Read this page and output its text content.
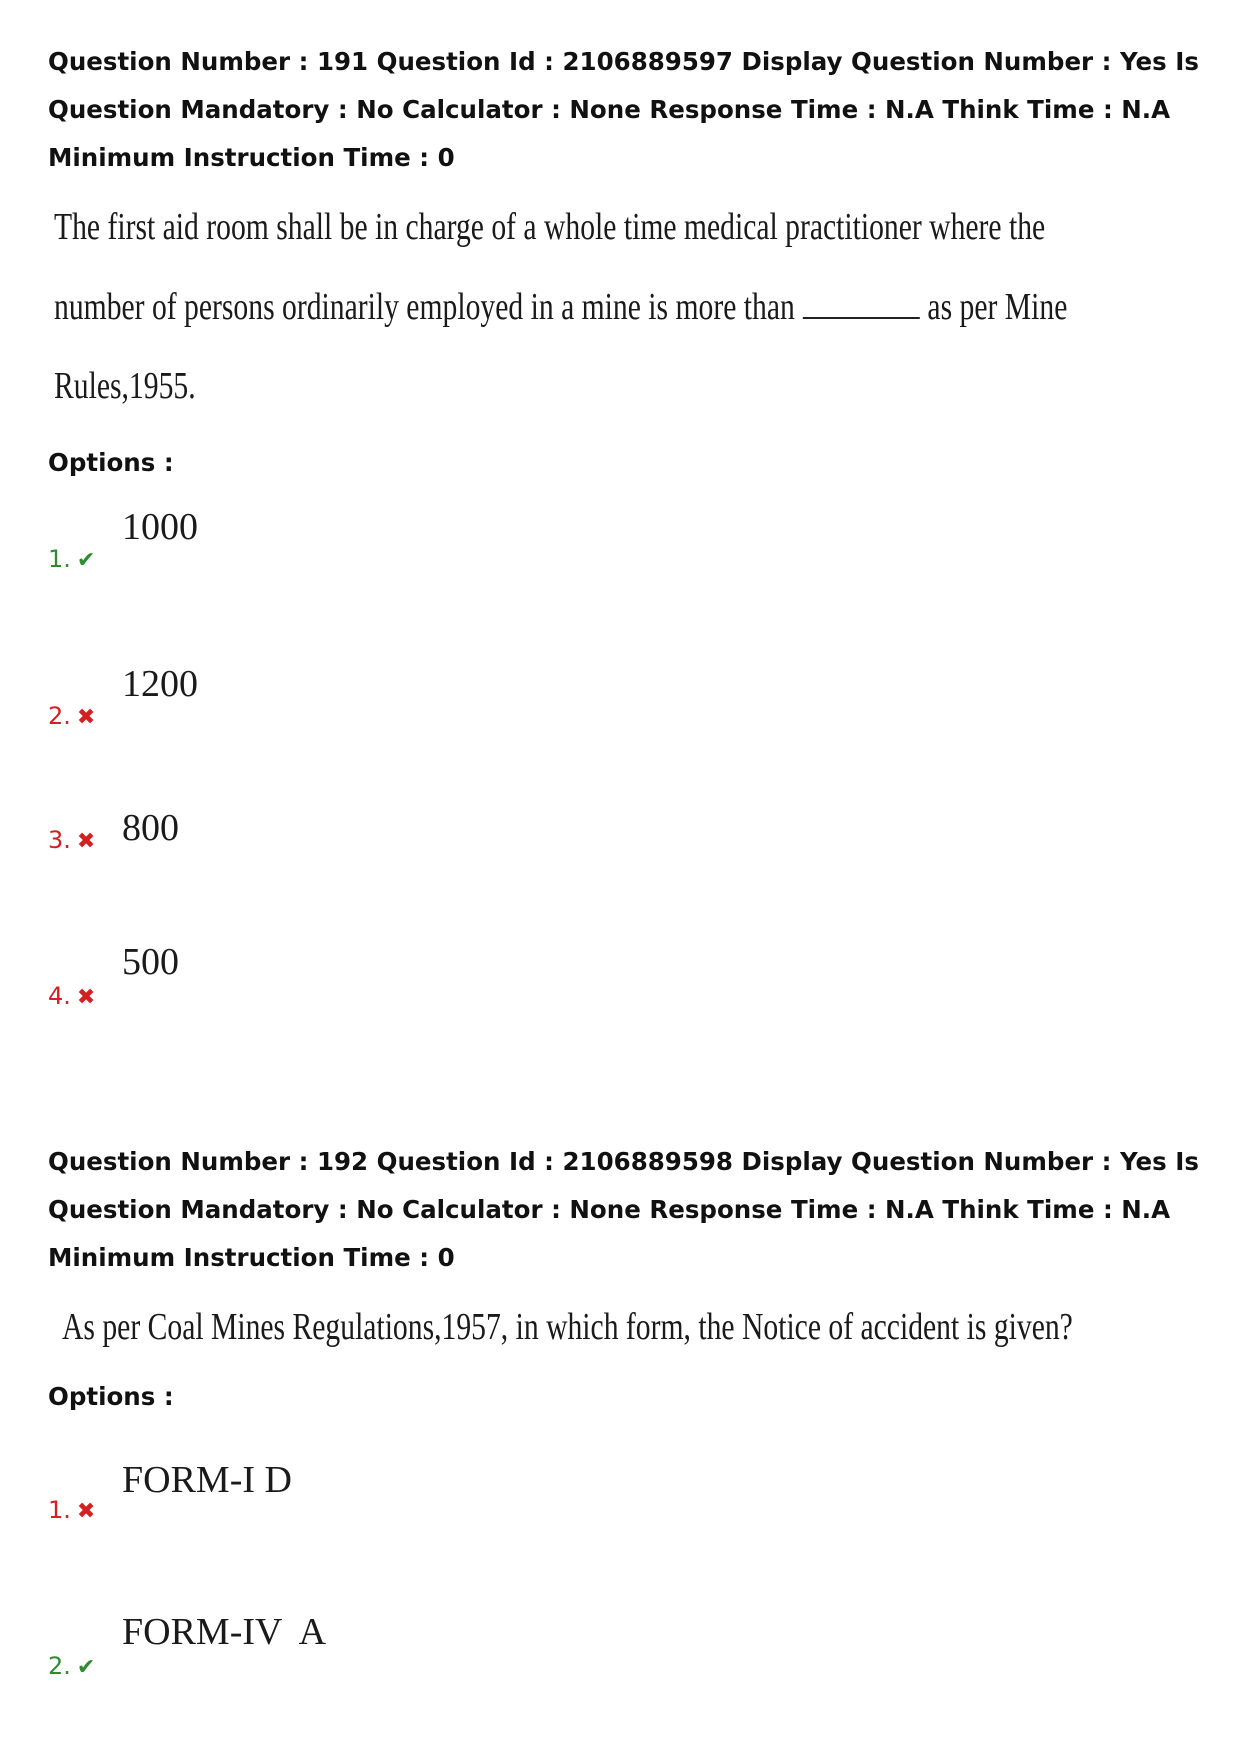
Question Number : 191 Question Id : 2106889597 Display Question Number : Yes Is Question Mandatory : No Calculator : None Response Time : N.A Think Time : N.A Minimum Instruction Time : 0
The first aid room shall be in charge of a whole time medical practitioner where the
number of persons ordinarily employed in a mine is more than	as per Mine
Rules,1955.
Options :
1000
1. ✔
1200
2. ✖
800
3. ✖
500
4. ✖
Question Number : 192 Question Id : 2106889598 Display Question Number : Yes Is Question Mandatory : No Calculator : None Response Time : N.A Think Time : N.A Minimum Instruction Time : 0
As per Coal Mines Regulations,1957, in which form, the Notice of accident is given?
Options :
FORM-I D
1. ✖
FORM-IV  A
2. ✔
